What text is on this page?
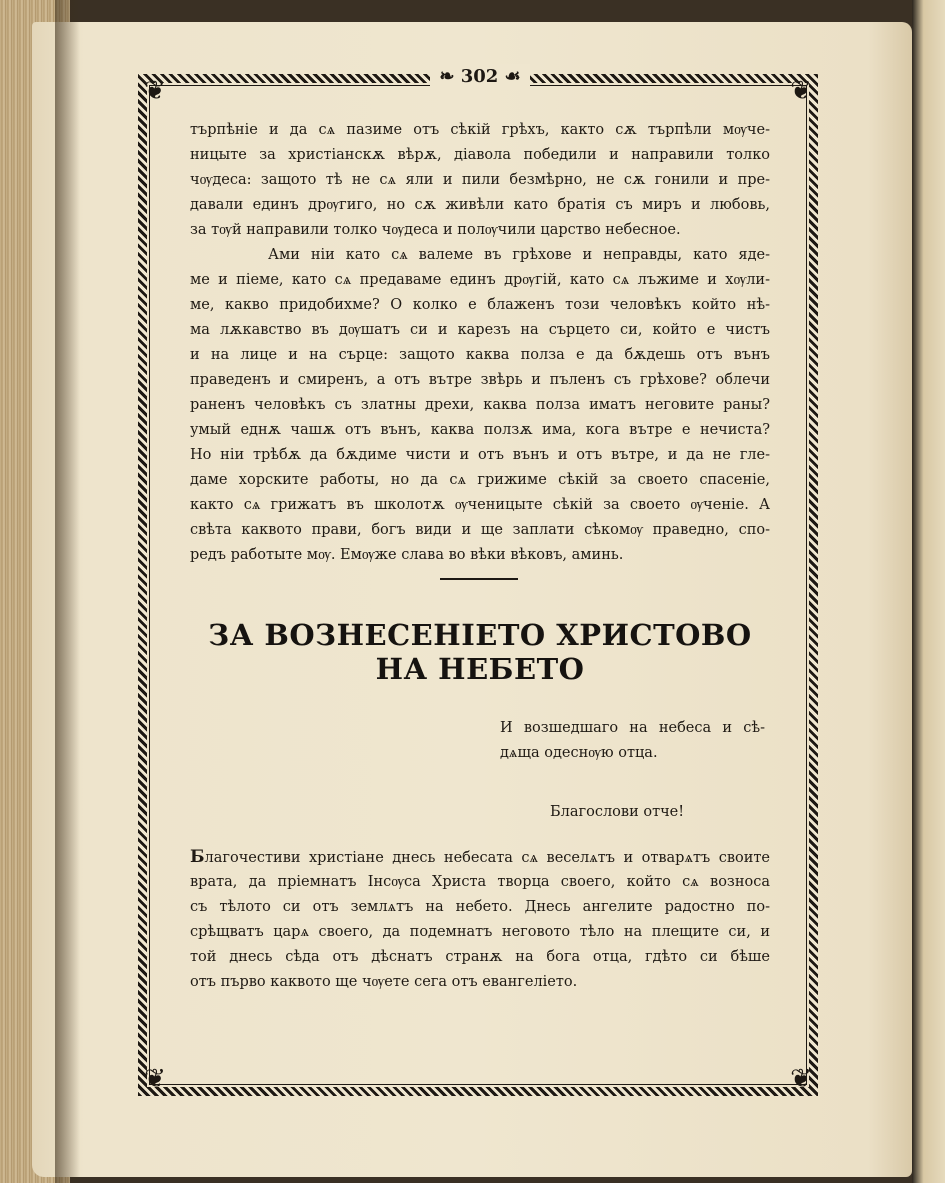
❦	❦
❦	❦
❧ 302 ☙
търпѣніе и да сѧ пазиме отъ сѣкій грѣхъ, както сѫ търпѣли мѹче-
ницыте за христіанскѫ вѣрѫ, діавола победили и направили толко
чѹдеса: защото тѣ не сѧ яли и пили безмѣрно, не сѫ гонили и пре-
давали единъ дрѹгиго, но сѫ живѣли като братія съ миръ и любовь,
за тѹй направили толко чѹдеса и полѹчили царство небесное.
Ами ніи като сѧ валеме въ грѣхове и неправды, като ядe-
ме и піеме, като сѧ предаваме единъ дрѹгій, като сѧ лъжиме и хѹли-
ме, какво придобихме? О колко е блаженъ този человѣкъ който нѣ-
ма лѫкавство въ дѹшатъ си и карезъ на сърцето си, който е чистъ
и на лице и на сърце: защото каква полза е да бѫдешь отъ вънъ
праведенъ и смиренъ, а отъ вътре звѣрь и пъленъ съ грѣхове? облечи
раненъ человѣкъ съ златны дрехи, каква полза иматъ неговите раны?
умый еднѫ чашѫ отъ вънъ, каква ползѫ има, кога вътре е нечиста?
Но ніи трѣбѫ да бѫдиме чисти и отъ вънъ и отъ вътре, и да не гле-
даме хорските работы, но да сѧ грижиме сѣкій за своето спасеніе,
както сѧ грижатъ въ школотѫ ѹченицыте сѣкій за своето ѹченіе. А
свѣта каквото прави, богъ види и ще заплати сѣкомѹ праведно, спо-
редъ работыте мѹ. Емѹже слава во вѣки вѣковъ, аминь.
ЗА ВОЗНЕСЕНІЕТО ХРИСТОВО
НА НЕБЕТО
И возшедшаго на небеса и сѣ-
дѧща одеснѹю отца.
Благослови отче!
Благочестиви христіане днесь небесата сѧ веселѧтъ и отварѧтъ своите
врата, да пріемнатъ Інсѹса Христа творца своего, който сѧ возноса
съ тѣлото си отъ землѧтъ на небето. Днесь ангелите радостно по-
срѣщватъ царѧ своего, да подемнатъ неговото тѣло на плещите си, и
той днесь сѣда отъ дѣснатъ странѫ на бога отца, гдѣто си бѣше
отъ първо каквото ще чѹете сега отъ евангеліето.
